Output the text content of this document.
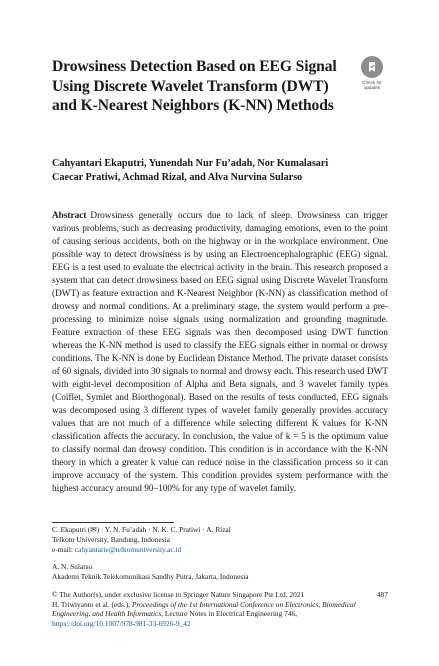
Drowsiness Detection Based on EEG Signal Using Discrete Wavelet Transform (DWT) and K-Nearest Neighbors (K-NN) Methods
Check for updates
Cahyantari Ekaputri, Yunendah Nur Fu’adah, Nor Kumalasari Caecar Pratiwi, Achmad Rizal, and Alva Nurvina Sularso
Abstract Drowsiness generally occurs due to lack of sleep. Drowsiness can trigger various problems, such as decreasing productivity, damaging emotions, even to the point of causing serious accidents, both on the highway or in the workplace environment. One possible way to detect drowsiness is by using an Electroencephalographic (EEG) signal. EEG is a test used to evaluate the electrical activity in the brain. This research proposed a system that can detect drowsiness based on EEG signal using Discrete Wavelet Transform (DWT) as feature extraction and K-Nearest Neighbor (K-NN) as classification method of drowsy and normal conditions. At a preliminary stage, the system would perform a pre-processing to minimize noise signals using normalization and grounding magnitude. Feature extraction of these EEG signals was then decomposed using DWT function whereas the K-NN method is used to classify the EEG signals either in normal or drowsy conditions. The K-NN is done by Euclidean Distance Method. The private dataset consists of 60 signals, divided into 30 signals to normal and drowsy each. This research used DWT with eight-level decomposition of Alpha and Beta signals, and 3 wavelet family types (Coiflet, Symlet and Biorthogonal). Based on the results of tests conducted, EEG signals was decomposed using 3 different types of wavelet family generally provides accuracy values that are not much of a difference while selecting different K values for K-NN classification affects the accuracy. In conclusion, the value of k = 5 is the optimum value to classify normal dan drowsy condition. This condition is in accordance with the K-NN theory in which a greater k value can reduce noise in the classification process so it can improve accuracy of the system. This condition provides system performance with the highest accuracy around 90–100% for any type of wavelet family.
C. Ekaputri (✉) · Y. N. Fu’adah · N. K. C. Pratiwi · A. Rizal
Telkom University, Bandung, Indonesia
e-mail: cahyantarie@telkomuniversity.ac.id
A. N. Sularso
Akademi Teknik Telekomunikasi Sandhy Putra, Jakarta, Indonesia
© The Author(s), under exclusive license to Springer Nature Singapore Pte Ltd. 2021
H. Triwiyanto et al. (eds.), Proceedings of the 1st International Conference on Electronics, Biomedical Engineering, and Health Informatics, Lecture Notes in Electrical Engineering 746, https://doi.org/10.1007/978-981-33-6926-9_42
487
